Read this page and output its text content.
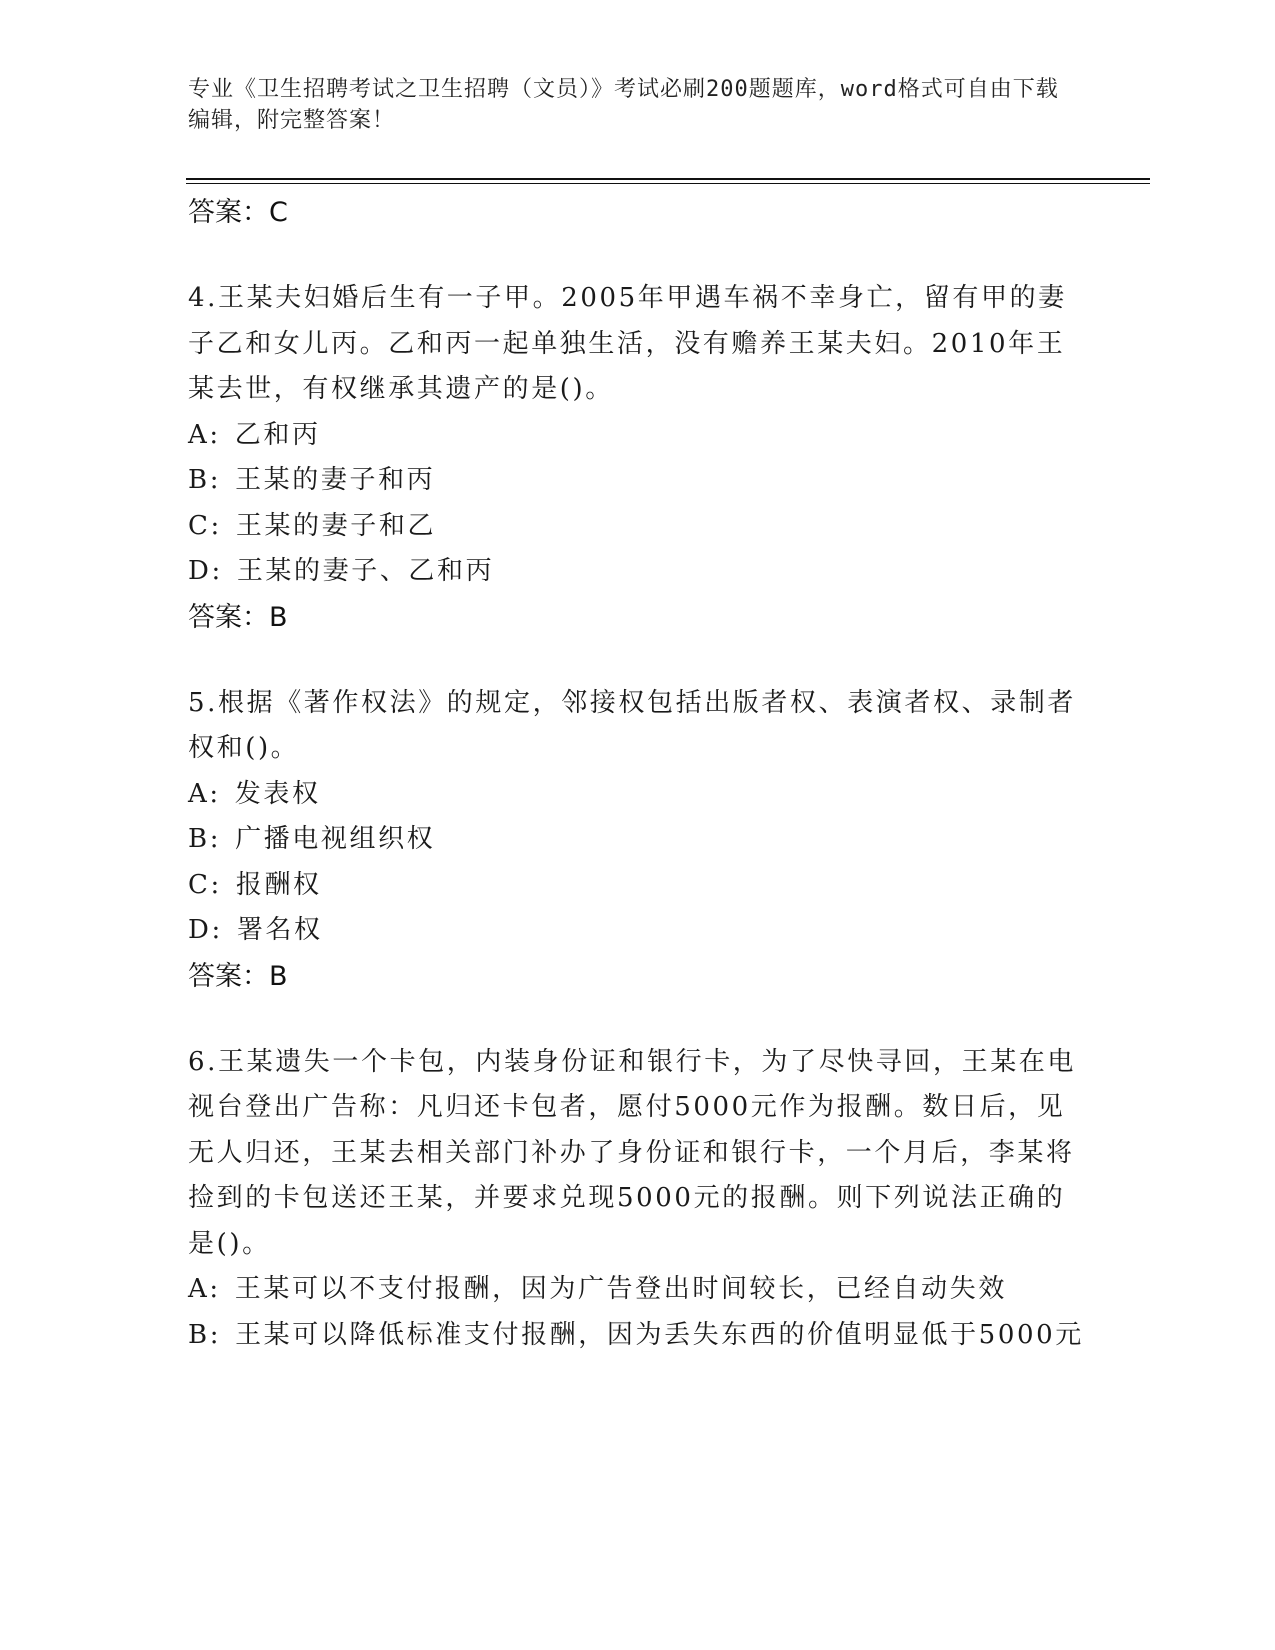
专业《卫生招聘考试之卫生招聘（文员）》考试必刷200题题库，word格式可自由下载编辑，附完整答案！
答案：C
4.王某夫妇婚后生有一子甲。2005年甲遇车祸不幸身亡，留有甲的妻子乙和女儿丙。乙和丙一起单独生活，没有赡养王某夫妇。2010年王某去世，有权继承其遗产的是()。
A: 乙和丙
B: 王某的妻子和丙
C: 王某的妻子和乙
D: 王某的妻子、乙和丙
答案：B
5.根据《著作权法》的规定，邻接权包括出版者权、表演者权、录制者权和()。
A: 发表权
B: 广播电视组织权
C: 报酬权
D: 署名权
答案：B
6.王某遗失一个卡包，内装身份证和银行卡，为了尽快寻回，王某在电视台登出广告称：凡归还卡包者，愿付5000元作为报酬。数日后，见无人归还，王某去相关部门补办了身份证和银行卡，一个月后，李某将捡到的卡包送还王某，并要求兑现5000元的报酬。则下列说法正确的是()。
A: 王某可以不支付报酬，因为广告登出时间较长，已经自动失效
B: 王某可以降低标准支付报酬，因为丢失东西的价值明显低于5000元
